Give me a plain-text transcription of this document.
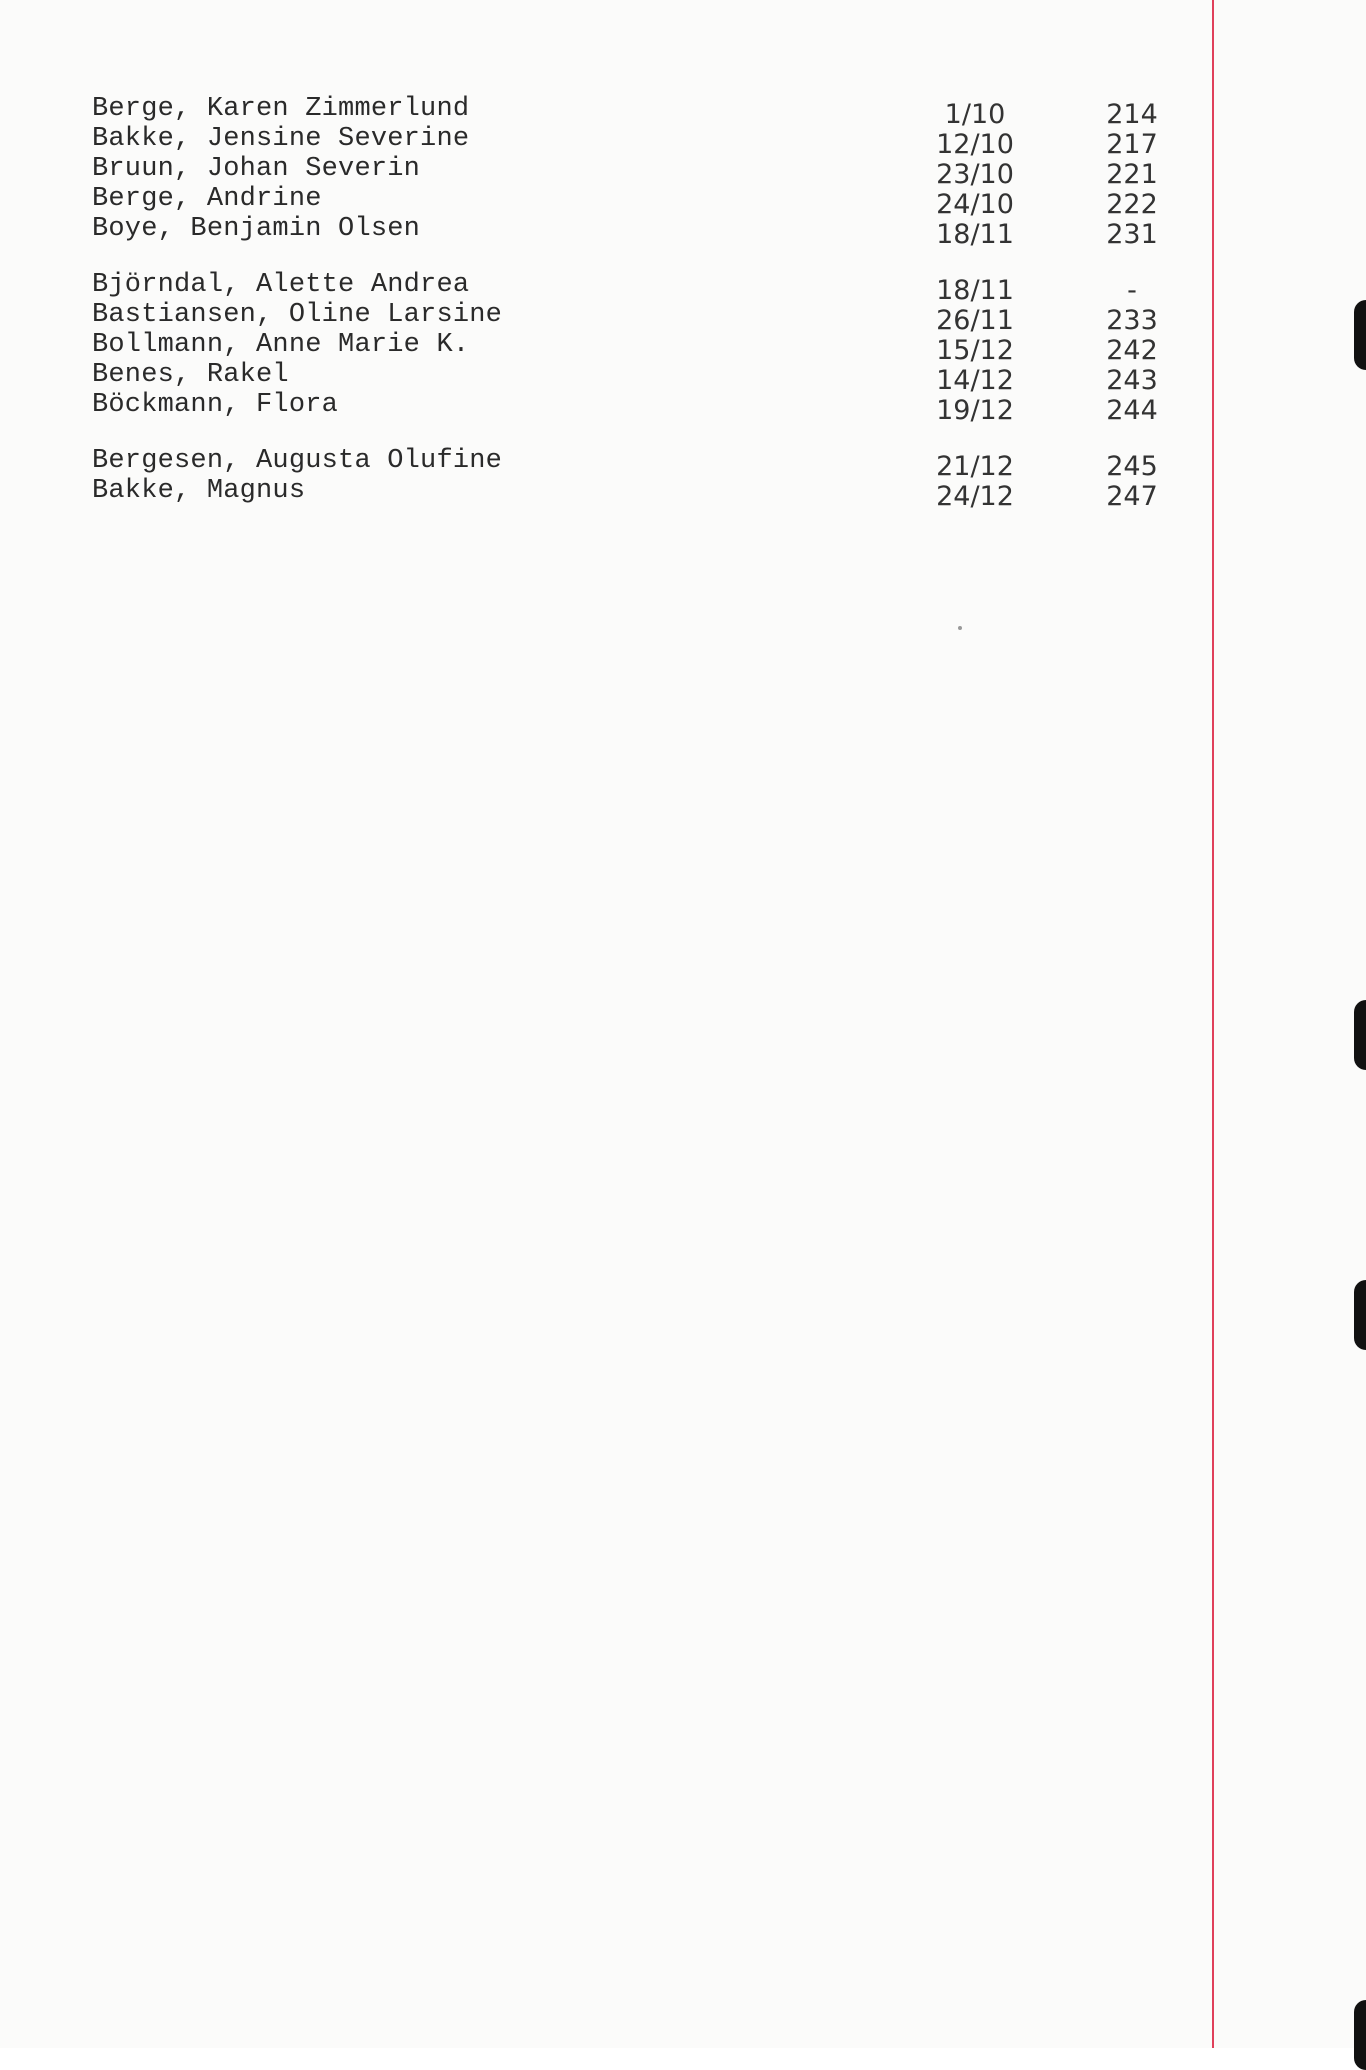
Berge, Karen Zimmerlund	1/10	214
Bakke, Jensine Severine	12/10	217
Bruun, Johan Severin	23/10	221
Berge, Andrine	24/10	222
Boye, Benjamin Olsen	18/11	231
Björndal, Alette Andrea	18/11	-
Bastiansen, Oline Larsine	26/11	233
Bollmann, Anne Marie K.	15/12	242
Benes, Rakel	14/12	243
Böckmann, Flora	19/12	244
Bergesen, Augusta Olufine	21/12	245
Bakke, Magnus	24/12	247
